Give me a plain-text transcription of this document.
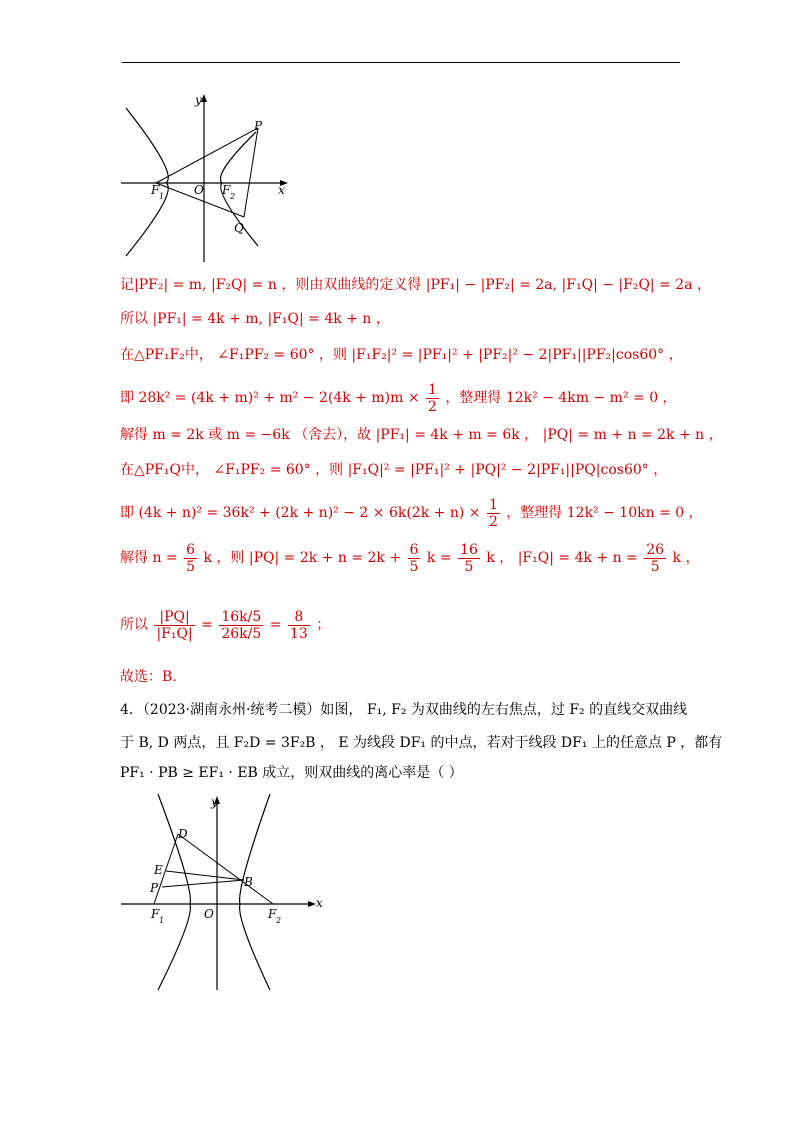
y
x
O
P
Q
F 1	F 2
记|PF₂| = m, |F₂Q| = n ，则由双曲线的定义得 |PF₁| − |PF₂| = 2a, |F₁Q| − |F₂Q| = 2a ，
所以 |PF₁| = 4k + m, |F₁Q| = 4k + n ，
在△PF₁F₂中， ∠F₁PF₂ = 60° ，则 |F₁F₂|² = |PF₁|² + |PF₂|² − 2|PF₁||PF₂|cos60° ，
即 $28k^2 = (4k + m)^2 + m^2 - 2(4k + m)m \times \frac{1}{2}$ ，整理得 12k² − 4km − m² = 0 ，
解得 m = 2k 或 m = −6k （舍去），故 |PF₁| = 4k + m = 6k ， |PQ| = m + n = 2k + n ，
在△PF₁Q中， ∠F₁PF₂ = 60° ，则 |F₁Q|² = |PF₁|² + |PQ|² − 2|PF₁||PQ|cos60° ，
即 $(4k + n)^2 = 36k^2 + (2k + n)^2 - 2 \times 6k(2k + n) \times \frac{1}{2}$ ，整理得 12k² − 10kn = 0 ，
解得 $n = \frac{6}{5}$ k ，则 $|PQ| = 2k + n = 2k + \frac{6}{5}$ $k = \frac{16}{5}$ k ， $|F_1Q| = 4k + n = \frac{26}{5}$ k ，
所以 $\frac{|PQ|}{\text{|F₁Q|}} = \frac{16k/5}{26k/5} = \frac{8}{13}$ ；
故选：B.
4．（2023·湖南永州·统考二模）如图， F₁, F₂ 为双曲线的左右焦点，过 F₂ 的直线交双曲线
于 B, D 两点，且 F₂D = 3F₂B ， E 为线段 DF₁ 的中点，若对于线段 DF₁ 上的任意点 P ，都有
PF₁ · PB ≥ EF₁ · EB 成立，则双曲线的离心率是（ ）
y
x
O
D
E
P	B
F 1	F 2
